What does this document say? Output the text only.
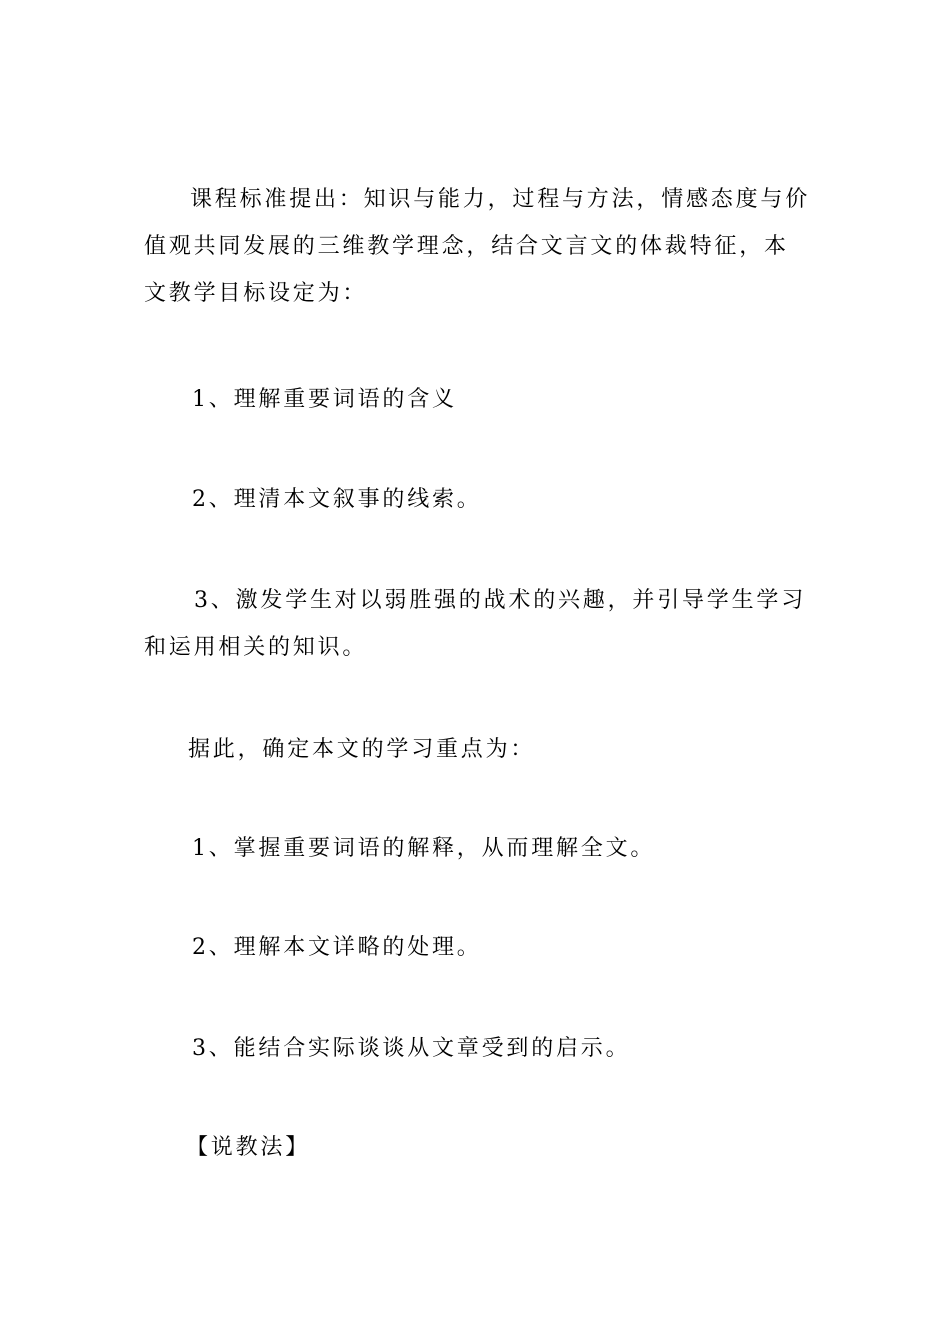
课程标准提出：知识与能力，过程与方法，情感态度与价值观共同发展的三维教学理念，结合文言文的体裁特征，本文教学目标设定为：

1、理解重要词语的含义

2、理清本文叙事的线索。

3、激发学生对以弱胜强的战术的兴趣，并引导学生学习和运用相关的知识。

据此，确定本文的学习重点为：

1、掌握重要词语的解释，从而理解全文。

2、理解本文详略的处理。

3、能结合实际谈谈从文章受到的启示。

【说教法】
